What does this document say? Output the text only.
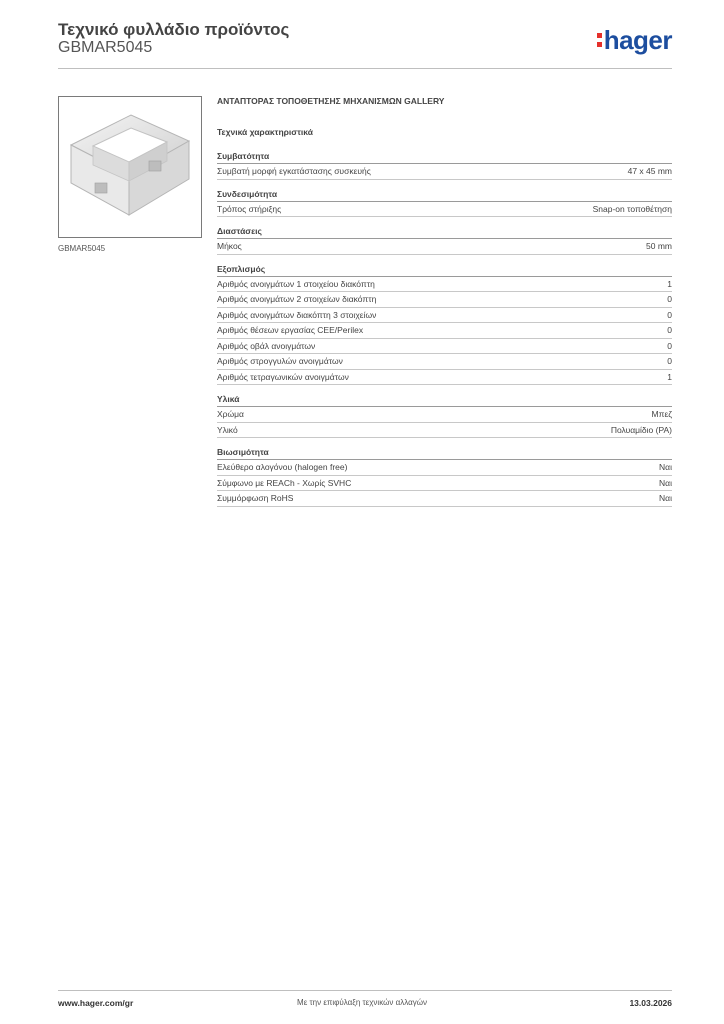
Τεχνικό φυλλάδιο προϊόντος
GBMAR5045	hager
GBMAR5045
ΑΝΤΑΠΤΟΡΑΣ ΤΟΠΟΘΕΤΗΣΗΣ ΜΗΧΑΝΙΣΜΩΝ GALLERY
Τεχνικά χαρακτηριστικά
Συμβατότητα
Συμβατή μορφή εγκατάστασης συσκευής	47 x 45 mm
Συνδεσιμότητα
Τρόπος στήριξης	Snap-on τοποθέτηση
Διαστάσεις
Μήκος	50 mm
Εξοπλισμός
Αριθμός ανοιγμάτων 1 στοιχείου διακόπτη	1
Αριθμός ανοιγμάτων 2 στοιχείων διακόπτη	0
Αριθμός ανοιγμάτων διακόπτη 3 στοιχείων	0
Αριθμός θέσεων εργασίας CEE/Perilex	0
Αριθμός οβάλ ανοιγμάτων	0
Αριθμός στρογγυλών ανοιγμάτων	0
Αριθμός τετραγωνικών ανοιγμάτων	1
Υλικά
Χρώμα	Μπεζ
Υλικό	Πολυαμίδιο (PA)
Βιωσιμότητα
Ελεύθερο αλογόνου (halogen free)	Ναι
Σύμφωνο με REACh - Χωρίς SVHC	Ναι
Συμμόρφωση RoHS	Ναι
www.hager.com/gr	Με την επιφύλαξη τεχνικών αλλαγών	13.03.2026
